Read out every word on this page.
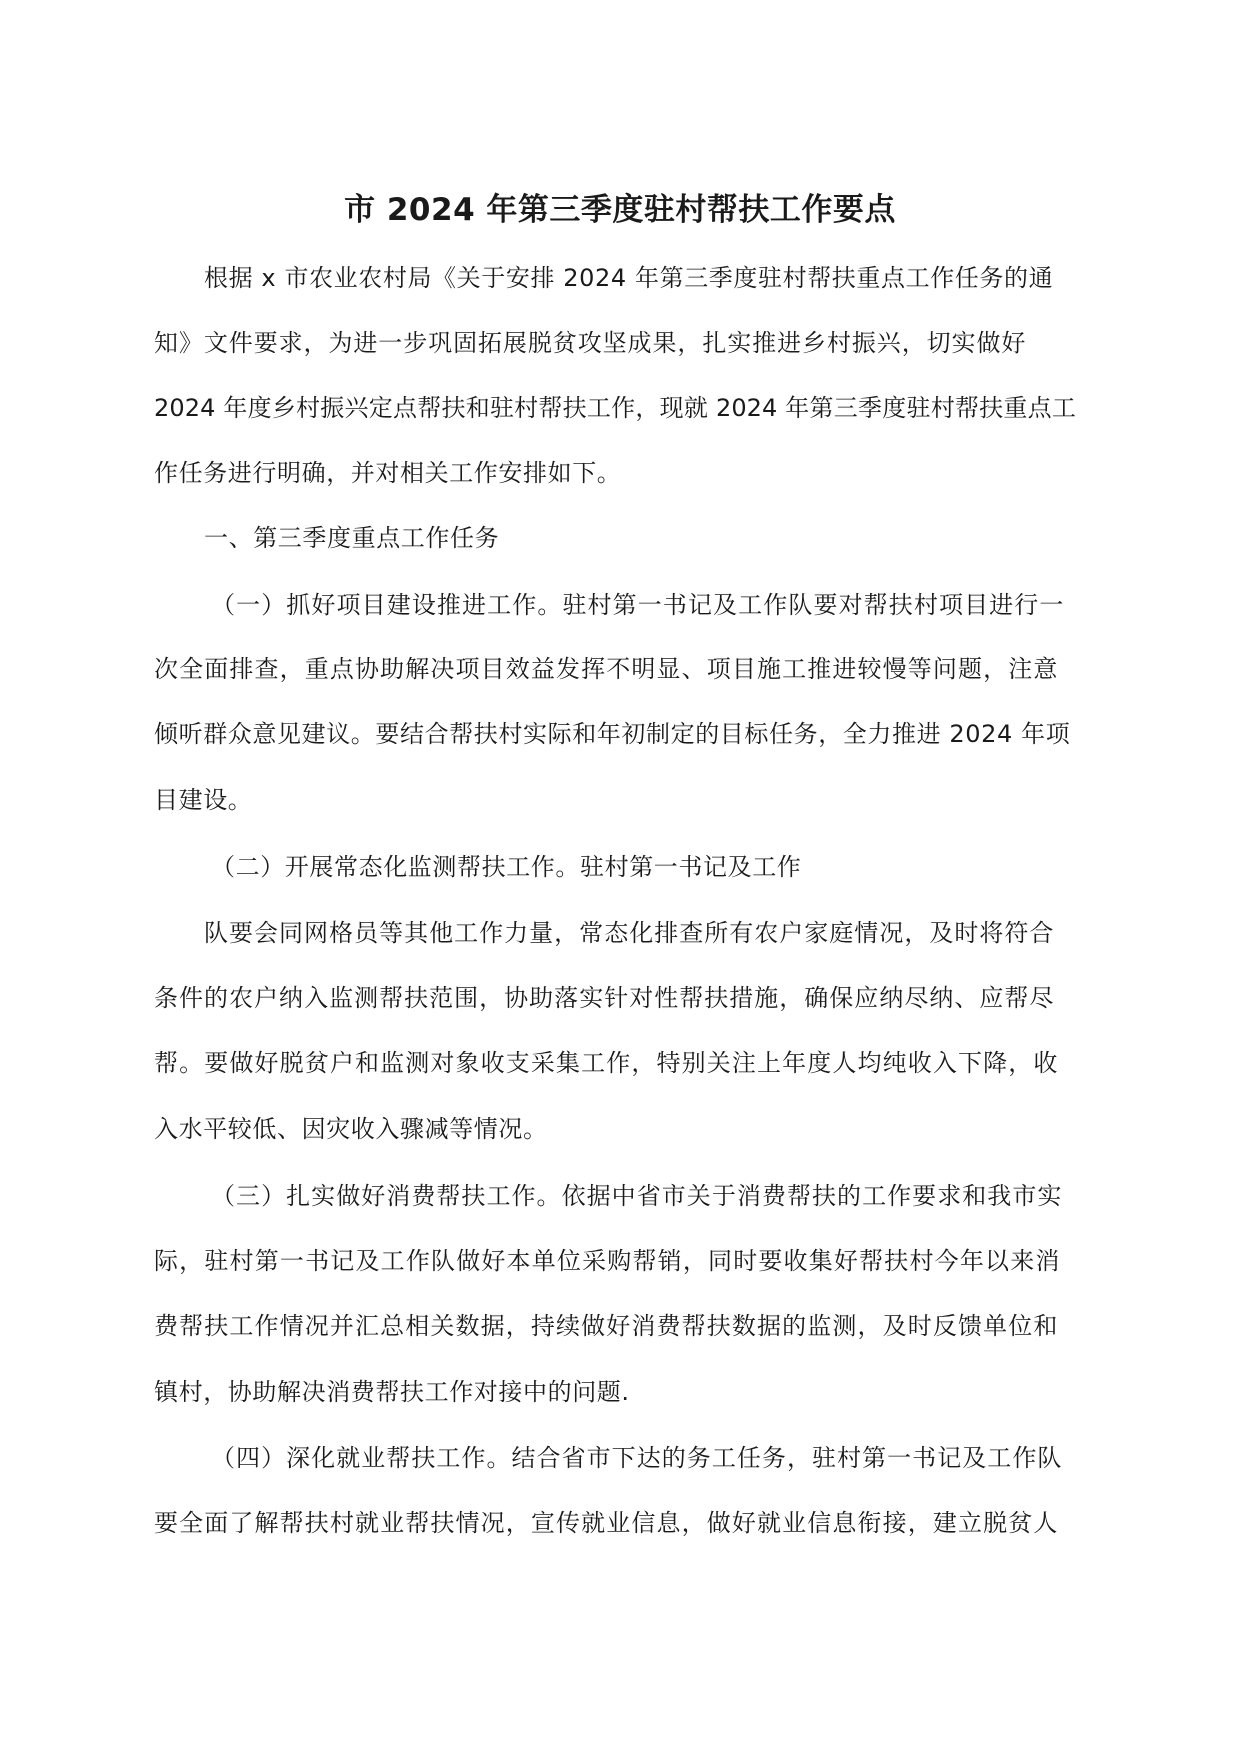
市 2024 年第三季度驻村帮扶工作要点
根据 x 市农业农村局《关于安排 2024 年第三季度驻村帮扶重点工作任务的通
知》文件要求，为进一步巩固拓展脱贫攻坚成果，扎实推进乡村振兴，切实做好
2024 年度乡村振兴定点帮扶和驻村帮扶工作，现就 2024 年第三季度驻村帮扶重点工
作任务进行明确，并对相关工作安排如下。
一、第三季度重点工作任务
（一）抓好项目建设推进工作。驻村第一书记及工作队要对帮扶村项目进行一
次全面排查，重点协助解决项目效益发挥不明显、项目施工推进较慢等问题，注意
倾听群众意见建议。要结合帮扶村实际和年初制定的目标任务，全力推进 2024 年项
目建设。
（二）开展常态化监测帮扶工作。驻村第一书记及工作
队要会同网格员等其他工作力量，常态化排查所有农户家庭情况，及时将符合
条件的农户纳入监测帮扶范围，协助落实针对性帮扶措施，确保应纳尽纳、应帮尽
帮。要做好脱贫户和监测对象收支采集工作，特别关注上年度人均纯收入下降，收
入水平较低、因灾收入骤减等情况。
（三）扎实做好消费帮扶工作。依据中省市关于消费帮扶的工作要求和我市实
际，驻村第一书记及工作队做好本单位采购帮销，同时要收集好帮扶村今年以来消
费帮扶工作情况并汇总相关数据，持续做好消费帮扶数据的监测，及时反馈单位和
镇村，协助解决消费帮扶工作对接中的问题.
（四）深化就业帮扶工作。结合省市下达的务工任务，驻村第一书记及工作队
要全面了解帮扶村就业帮扶情况，宣传就业信息，做好就业信息衔接，建立脱贫人
